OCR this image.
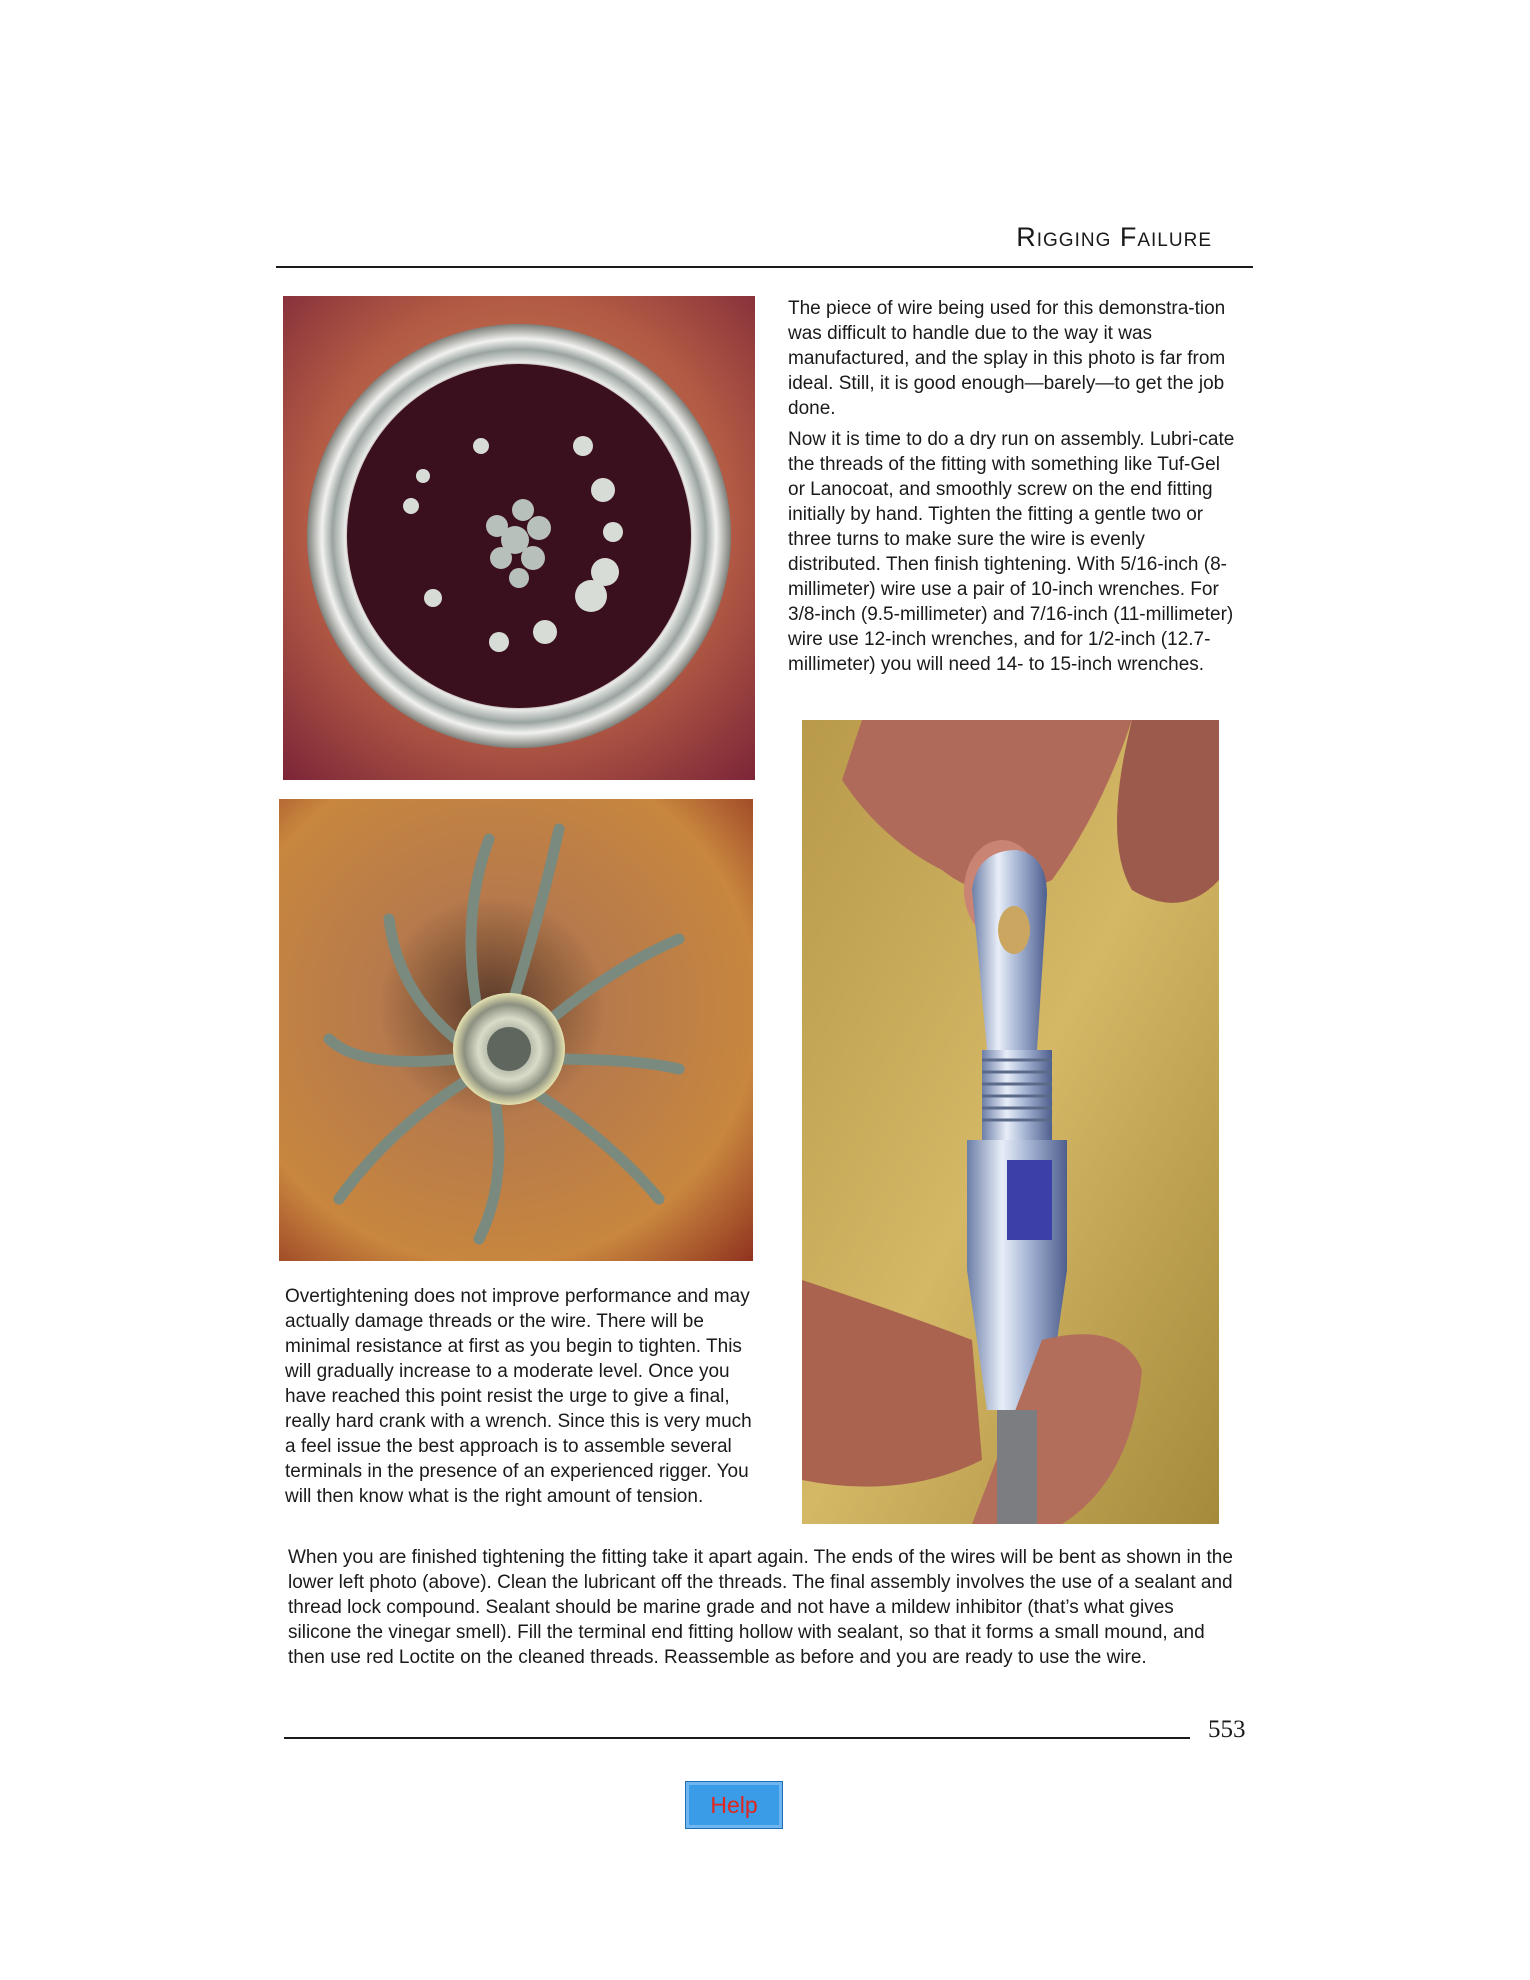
Rigging Failure

The piece of wire being used for this demonstra-tion was difficult to handle due to the way it was manufactured, and the splay in this photo is far from ideal. Still, it is good enough—barely—to get the job done.

Now it is time to do a dry run on assembly. Lubri-cate the threads of the fitting with something like Tuf-Gel or Lanocoat, and smoothly screw on the end fitting initially by hand. Tighten the fitting a gentle two or three turns to make sure the wire is evenly distributed. Then finish tightening. With 5/16-inch (8-millimeter) wire use a pair of 10-inch wrenches. For 3/8-inch (9.5-millimeter) and 7/16-inch (11-millimeter) wire use 12-inch wrenches, and for 1/2-inch (12.7-millimeter) you will need 14- to 15-inch wrenches.

Overtightening does not improve performance and may actually damage threads or the wire. There will be minimal resistance at first as you begin to tighten. This will gradually increase to a moderate level. Once you have reached this point resist the urge to give a final, really hard crank with a wrench. Since this is very much a feel issue the best approach is to assemble several terminals in the presence of an experienced rigger. You will then know what is the right amount of tension.

When you are finished tightening the fitting take it apart again. The ends of the wires will be bent as shown in the lower left photo (above). Clean the lubricant off the threads. The final assembly involves the use of a sealant and thread lock compound. Sealant should be marine grade and not have a mildew inhibitor (that’s what gives silicone the vinegar smell). Fill the terminal end fitting hollow with sealant, so that it forms a small mound, and then use red Loctite on the cleaned threads. Reassemble as before and you are ready to use the wire.

553
Help
